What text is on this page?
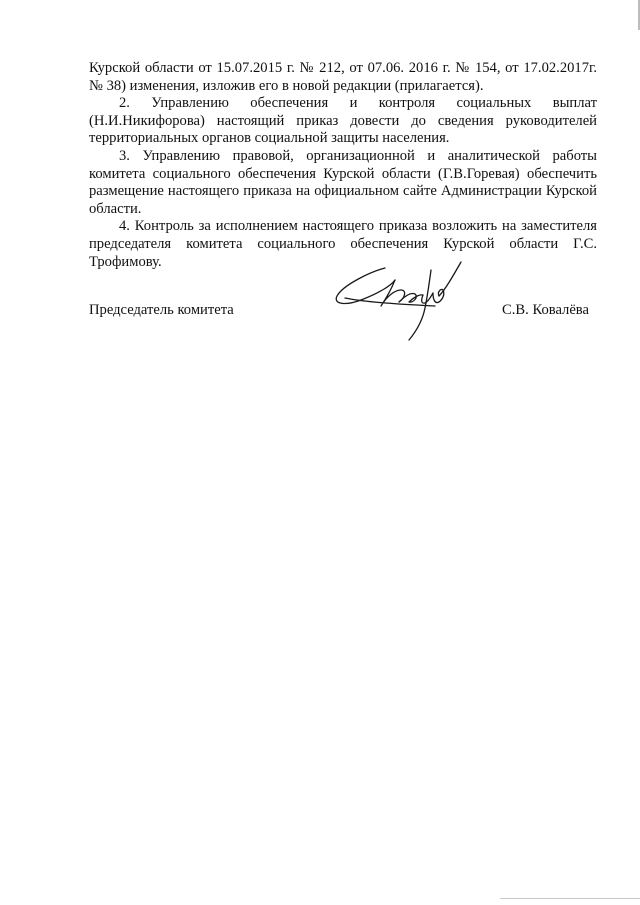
Курской области от 15.07.2015 г. № 212, от 07.06. 2016 г. № 154, от 17.02.2017г. № 38) изменения, изложив его в новой редакции (прилагается).

2. Управлению обеспечения и контроля социальных выплат (Н.И.Никифорова) настоящий приказ довести до сведения руководителей территориальных органов социальной защиты населения.

3. Управлению правовой, организационной и аналитической работы комитета социального обеспечения Курской области (Г.В.Горевая) обеспечить размещение настоящего приказа на официальном сайте Администрации Курской области.

4. Контроль за исполнением настоящего приказа возложить на заместителя председателя комитета социального обеспечения Курской области Г.С. Трофимову.

Председатель комитета	С.В. Ковалёва
